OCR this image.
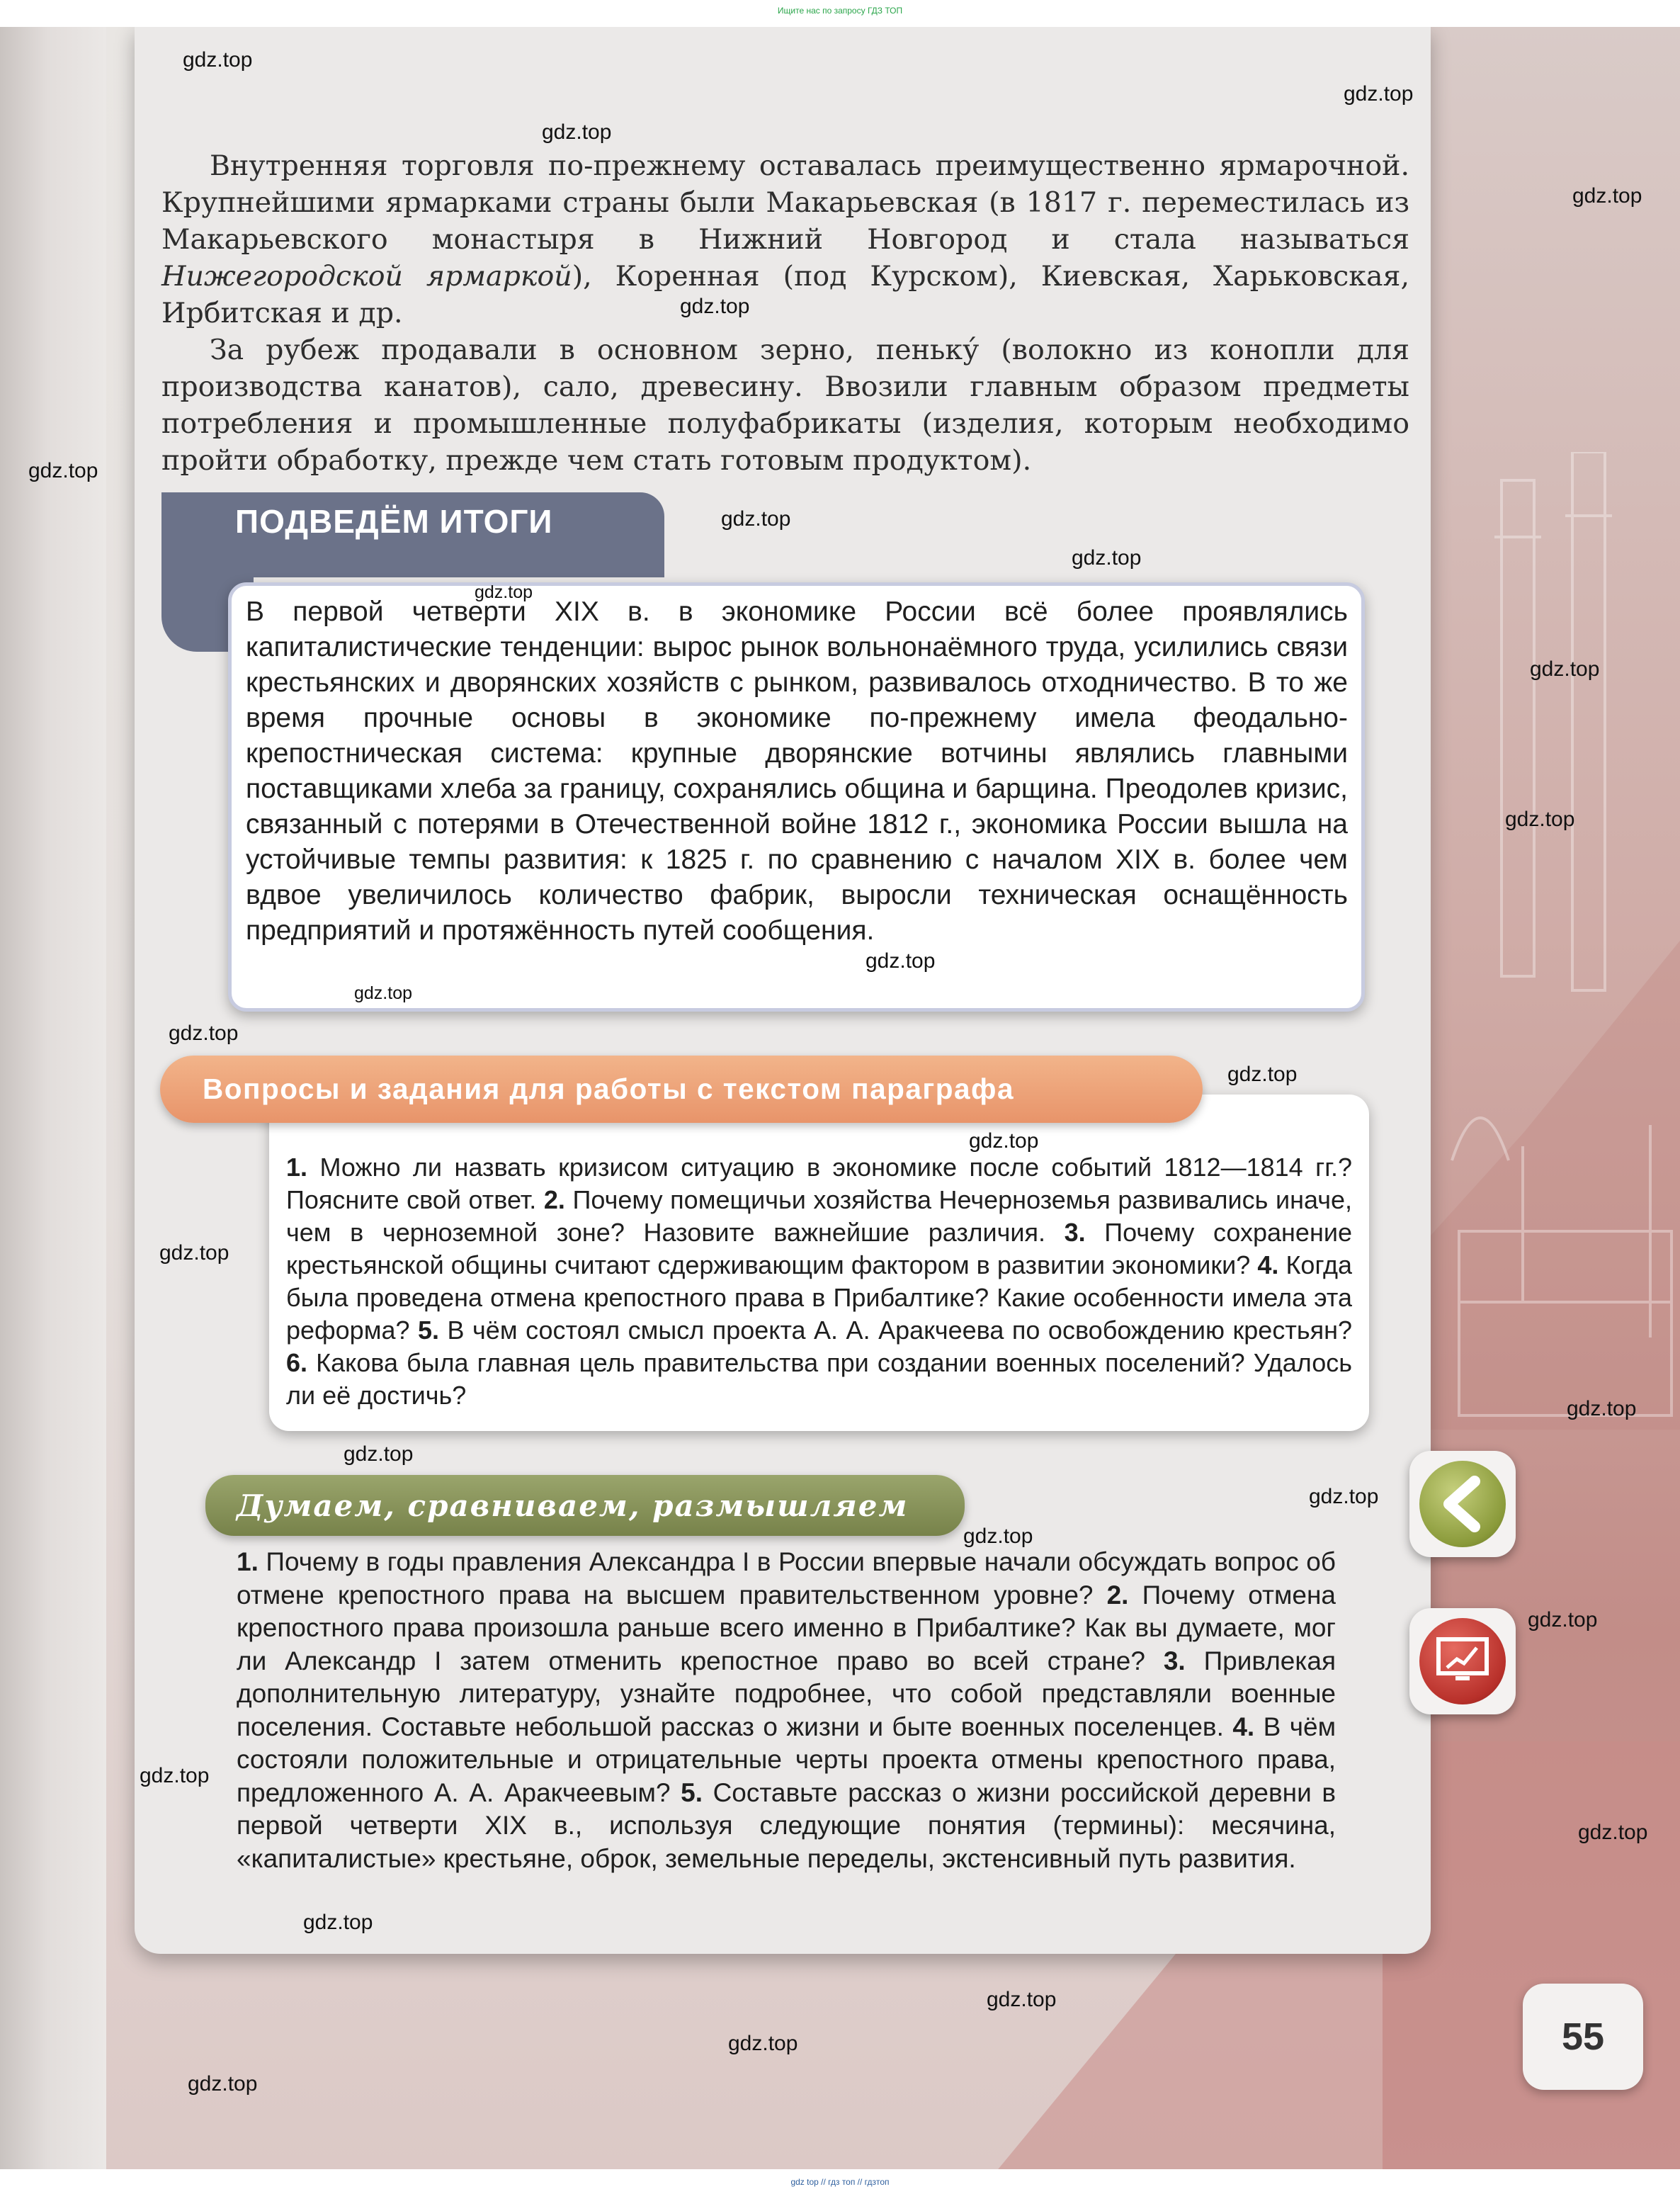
Ищите нас по запросу ГДЗ ТОП

Внутренняя торговля по-прежнему оставалась преимущественно ярмарочной. Крупнейшими ярмарками страны были Макарьевская (в 1817 г. переместилась из Макарьевского монастыря в Нижний Новгород и стала называться Нижегородской ярмаркой), Коренная (под Курском), Киевская, Харьковская, Ирбитская и др.

За рубеж продавали в основном зерно, пеньку́ (волокно из конопли для производства канатов), сало, древесину. Ввозили главным образом предметы потребления и промышленные полуфабрикаты (изделия, которым необходимо пройти обработку, прежде чем стать готовым продуктом).

ПОДВЕДЁМ ИТОГИ

В первой четверти XIX в. в экономике России всё более проявлялись капиталистические тенденции: вырос рынок вольнонаёмного труда, усилились связи крестьянских и дворянских хозяйств с рынком, развивалось отходничество. В то же время прочные основы в экономике по-прежнему имела феодально-крепостническая система: крупные дворянские вотчины являлись главными поставщиками хлеба за границу, сохранялись община и барщина. Преодолев кризис, связанный с потерями в Отечественной войне 1812 г., экономика России вышла на устойчивые темпы развития: к 1825 г. по сравнению с началом XIX в. более чем вдвое увеличилось количество фабрик, выросли техническая оснащённость предприятий и протяжённость путей сообщения.

1. Можно ли назвать кризисом ситуацию в экономике после событий 1812—1814 гг.? Поясните свой ответ. 2. Почему помещичьи хозяйства Нечерноземья развивались иначе, чем в черноземной зоне? Назовите важнейшие различия. 3. Почему сохранение крестьянской общины считают сдерживающим фактором в развитии экономики? 4. Когда была проведена отмена крепостного права в Прибалтике? Какие особенности имела эта реформа? 5. В чём состоял смысл проекта А. А. Аракчеева по освобождению крестьян? 6. Какова была главная цель правительства при создании военных поселений? Удалось ли её достичь?

Вопросы и задания для работы с текстом параграфа
Думаем, сравниваем, размышляем

1. Почему в годы правления Александра I в России впервые начали обсуждать вопрос об отмене крепостного права на высшем правительственном уровне? 2. Почему отмена крепостного права произошла раньше всего именно в Прибалтике? Как вы думаете, мог ли Александр I затем отменить крепостное право во всей стране? 3. Привлекая дополнительную литературу, узнайте подробнее, что собой представляли военные поселения. Составьте небольшой рассказ о жизни и быте военных поселенцев. 4. В чём состояли положительные и отрицательные черты проекта отмены крепостного права, предложенного А. А. Аракчеевым? 5. Составьте рассказ о жизни российской деревни в первой четверти XIX в., используя следующие понятия (термины): месячина, «капиталистые» крестьяне, оброк, земельные переделы, экстенсивный путь развития.

55
gdz.top
gdz.top
gdz.top
gdz.top
gdz.top
gdz.top
gdz.top
gdz.top
gdz.top
gdz.top
gdz.top
gdz.top
gdz.top
gdz.top
gdz.top
gdz.top
gdz.top
gdz.top
gdz.top
gdz.top
gdz.top
gdz.top
gdz.top
gdz.top
gdz.top
gdz.top
gdz.top
gdz.top
gdz top // гдз топ // гдзтоп
